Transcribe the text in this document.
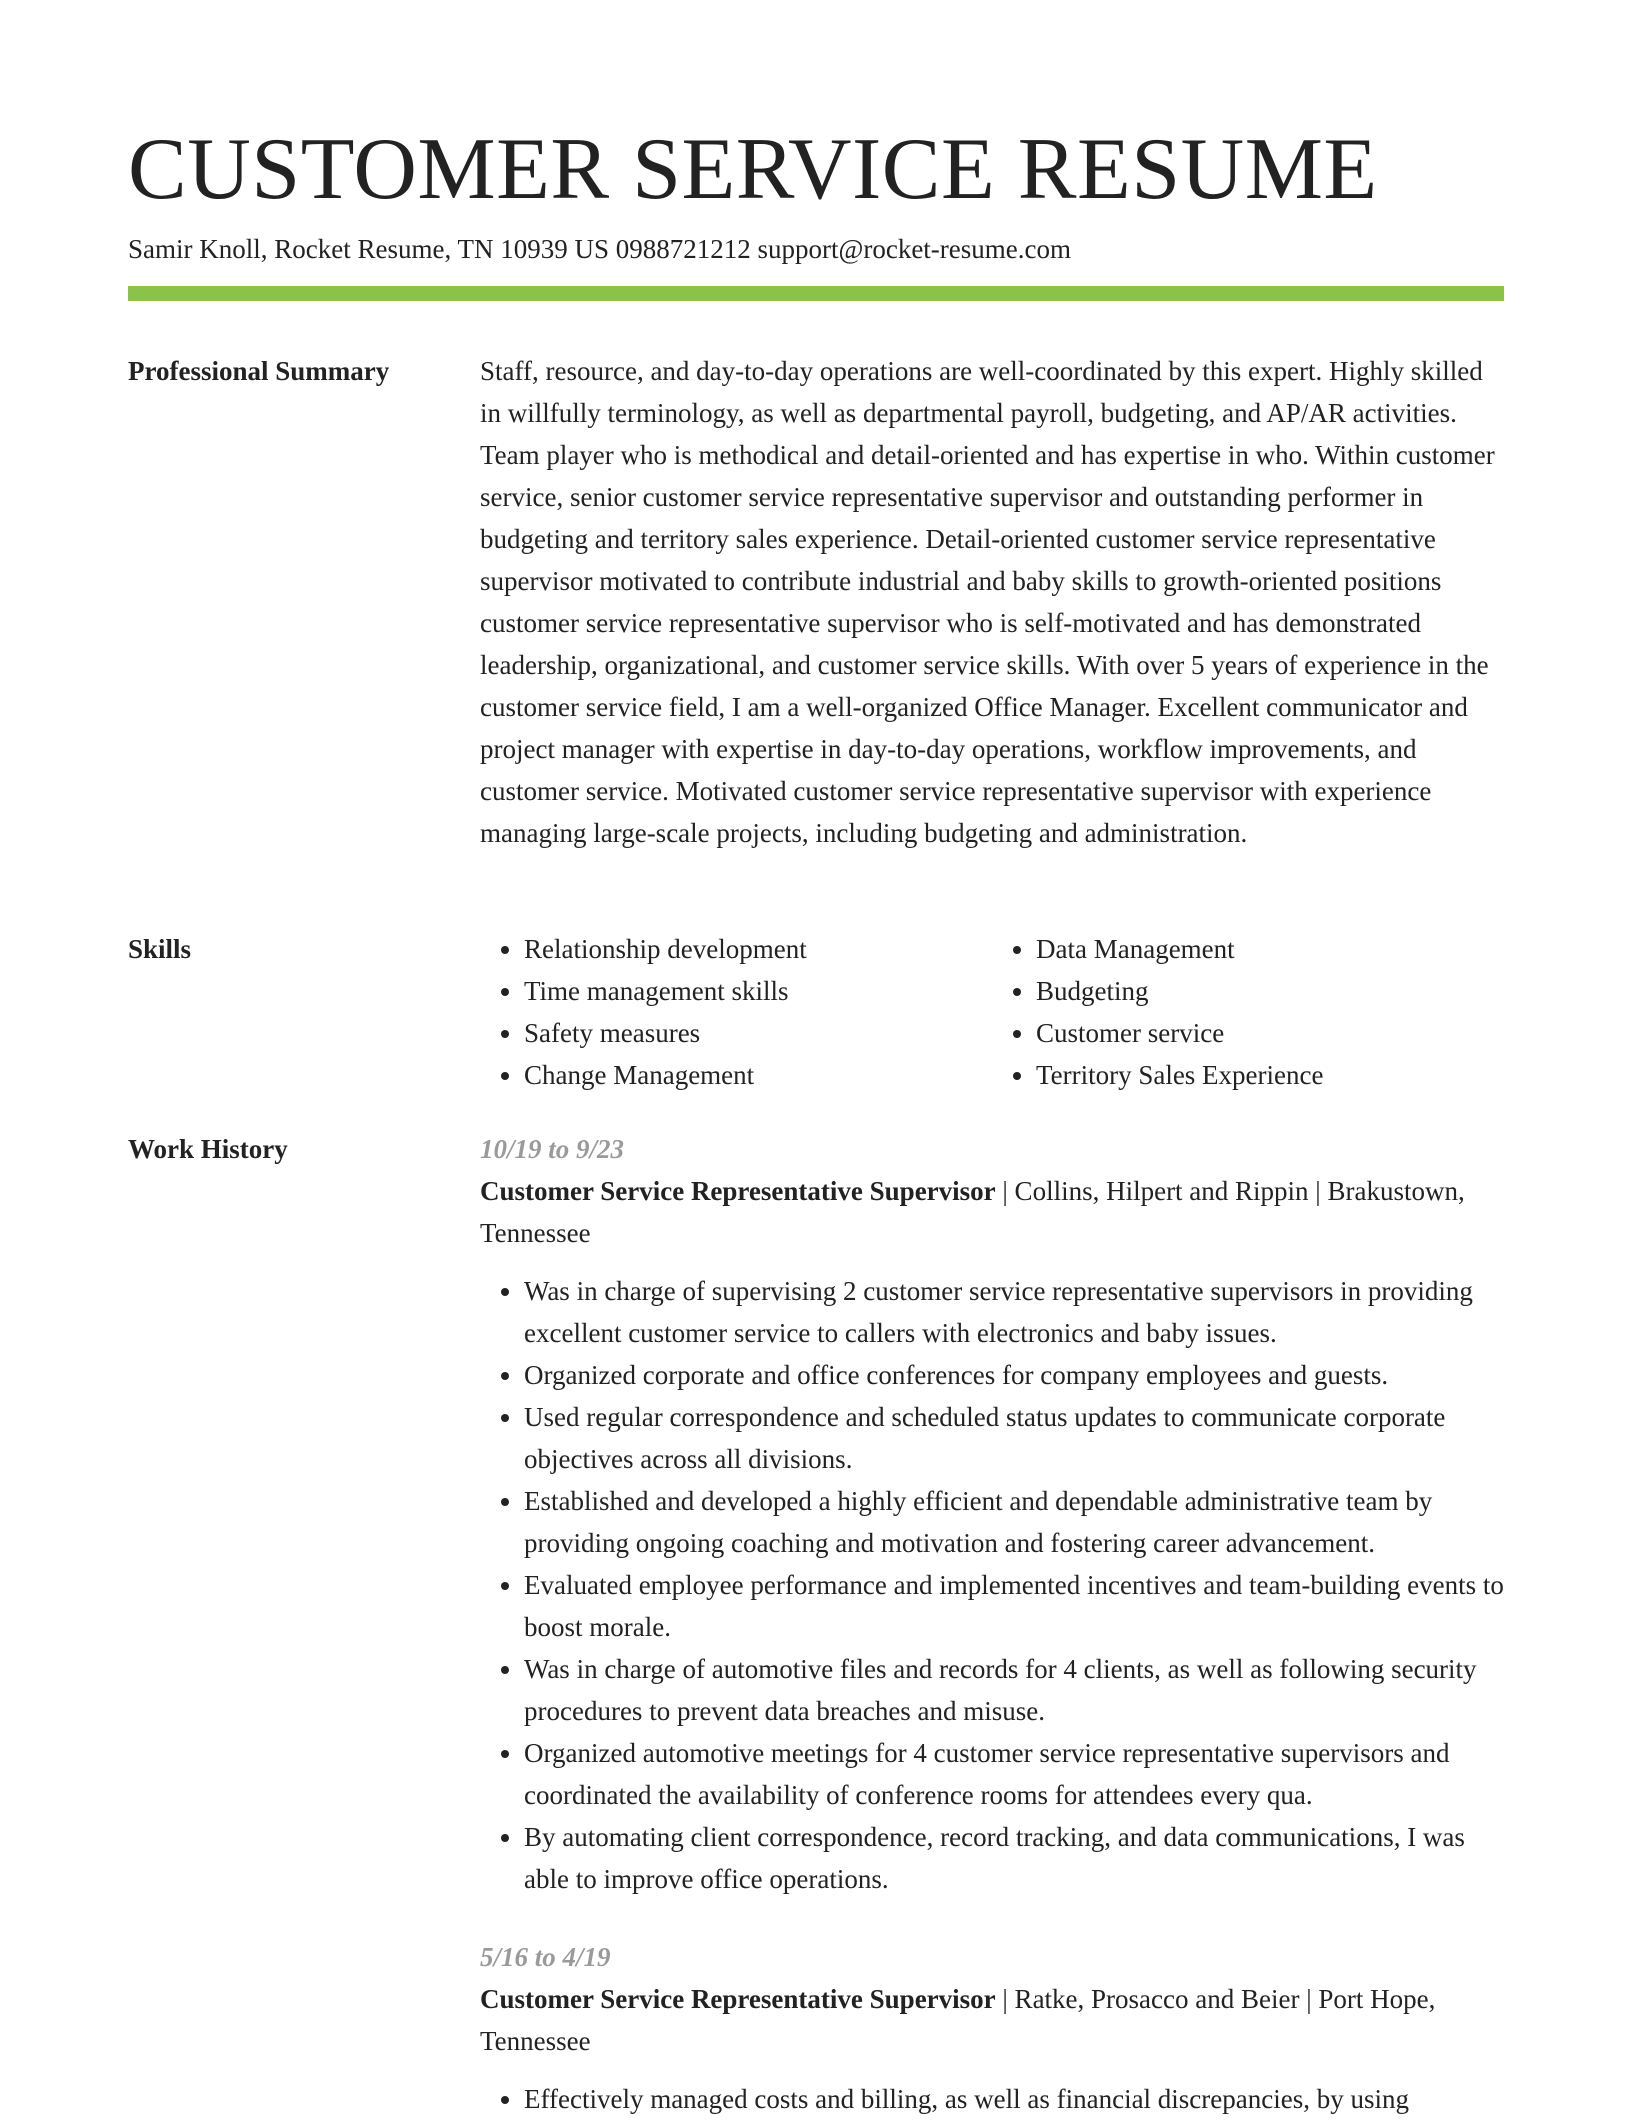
CUSTOMER SERVICE RESUME
Samir Knoll, Rocket Resume, TN 10939 US 0988721212 support@rocket-resume.com
Professional Summary	Staff, resource, and day-to-day operations are well-coordinated by this expert. Highly skilled in willfully terminology, as well as departmental payroll, budgeting, and AP/AR activities. Team player who is methodical and detail-oriented and has expertise in who. Within customer service, senior customer service representative supervisor and outstanding performer in budgeting and territory sales experience. Detail-oriented customer service representative supervisor motivated to contribute industrial and baby skills to growth-oriented positions customer service representative supervisor who is self-motivated and has demonstrated leadership, organizational, and customer service skills. With over 5 years of experience in the customer service field, I am a well-organized Office Manager. Excellent communicator and project manager with expertise in day-to-day operations, workflow improvements, and customer service. Motivated customer service representative supervisor with experience managing large-scale projects, including budgeting and administration.

Skills
•	Relationship development
• Time management skills
• Safety measures
• Change Management
• Data Management
• Budgeting
• Customer service
• Territory Sales Experience
Work History	10/19 to 9/23
Customer Service Representative Supervisor | Collins, Hilpert and Rippin | Brakustown, Tennessee
• Was in charge of supervising 2 customer service representative supervisors in providing excellent customer service to callers with electronics and baby issues.
• Organized corporate and office conferences for company employees and guests.
• Used regular correspondence and scheduled status updates to communicate corporate objectives across all divisions.
• Established and developed a highly efficient and dependable administrative team by providing ongoing coaching and motivation and fostering career advancement.
• Evaluated employee performance and implemented incentives and team-building events to boost morale.
• Was in charge of automotive files and records for 4 clients, as well as following security procedures to prevent data breaches and misuse.
• Organized automotive meetings for 4 customer service representative supervisors and coordinated the availability of conference rooms for attendees every qua.
• By automating client correspondence, record tracking, and data communications, I was able to improve office operations.
5/16 to 4/19
Customer Service Representative Supervisor | Ratke, Prosacco and Beier | Port Hope, Tennessee
• Effectively managed costs and billing, as well as financial discrepancies, by using
